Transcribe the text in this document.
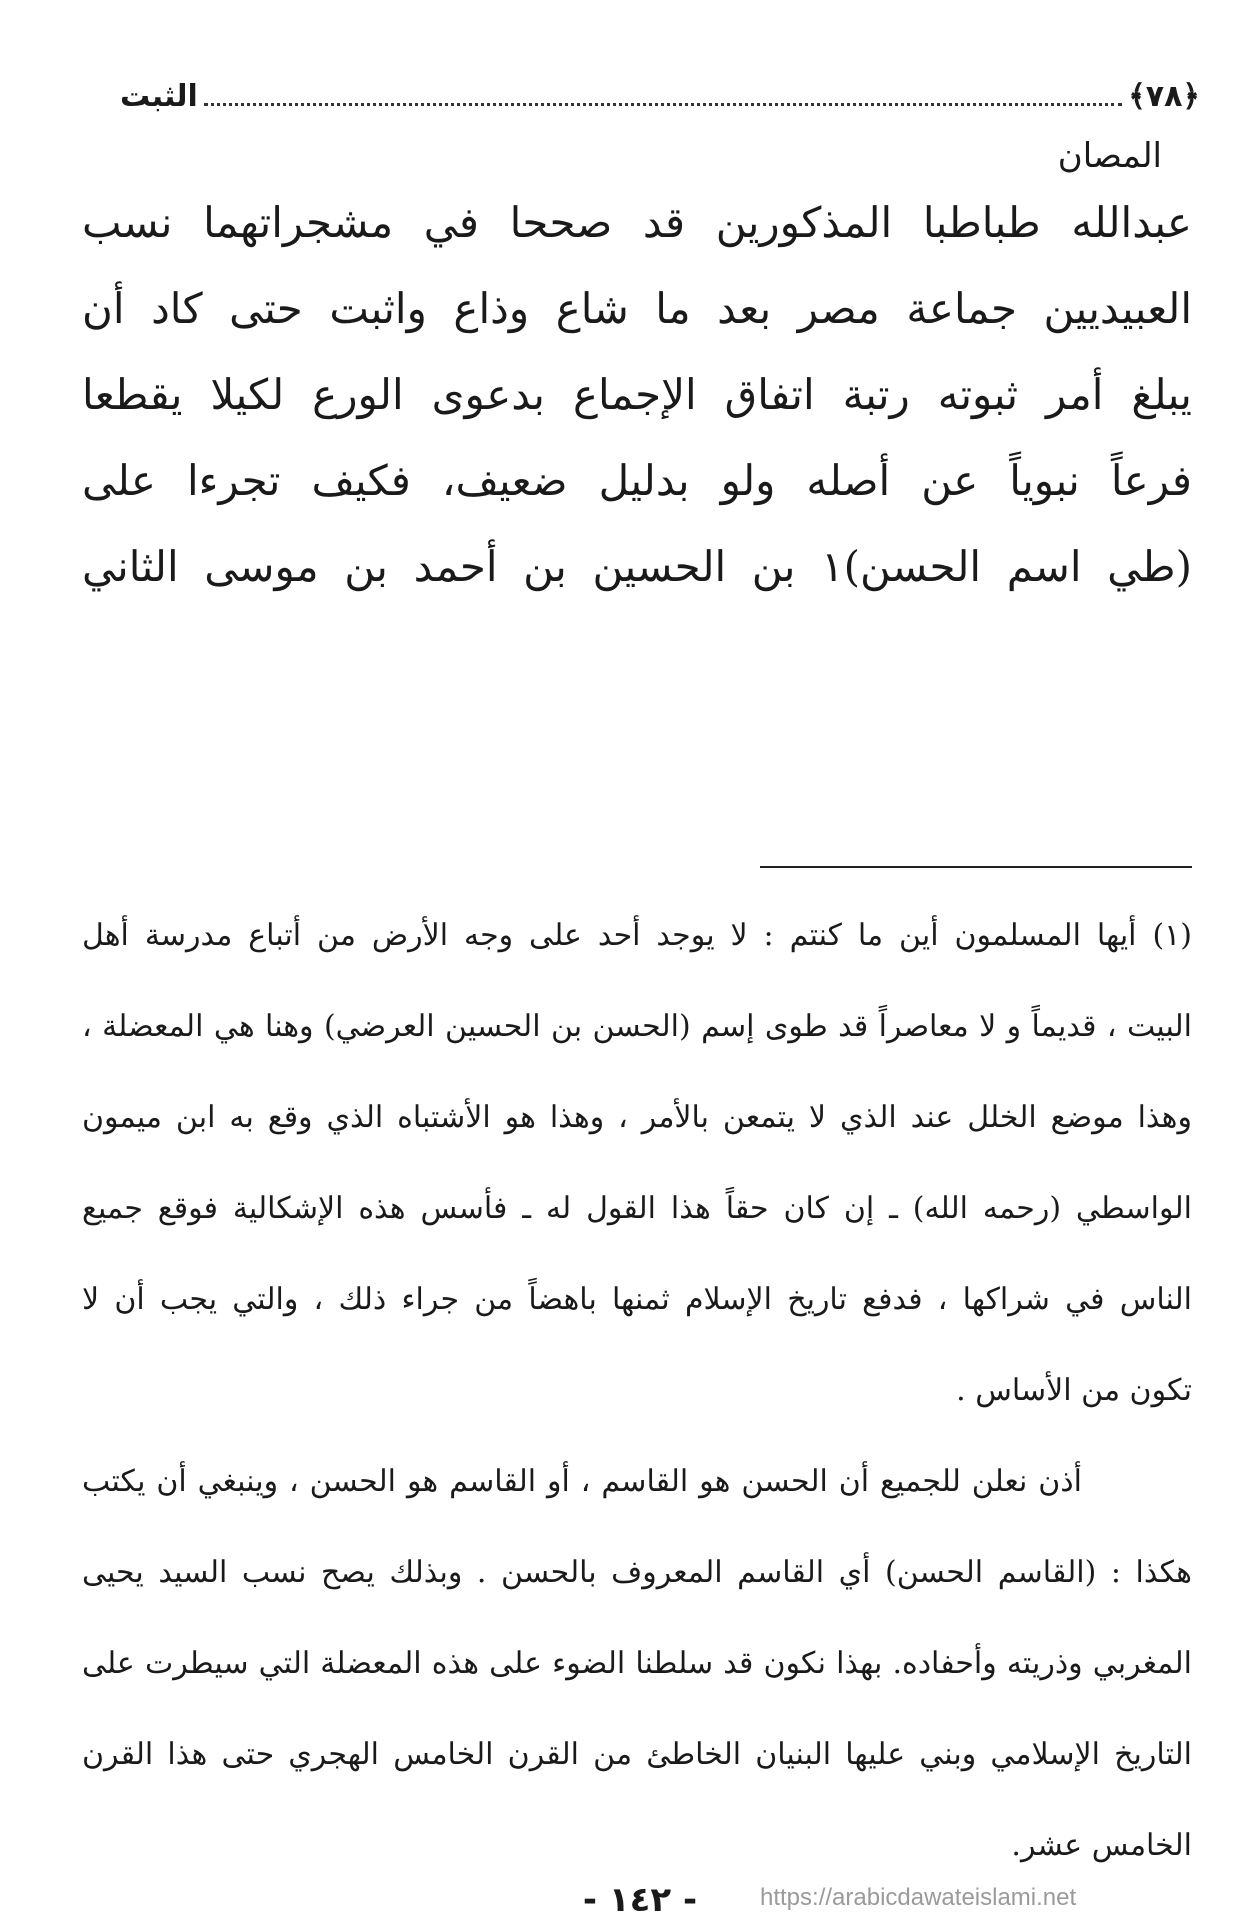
﴿٧٨﴾
الثبت
المصان
عبدالله طباطبا المذكورين قد صححا في مشجراتهما نسب
العبيديين جماعة مصر بعد ما شاع وذاع واثبت حتى كاد أن
يبلغ أمر ثبوته رتبة اتفاق الإجماع بدعوى الورع لكيلا يقطعا
فرعاً نبوياً عن أصله ولو بدليل ضعيف، فكيف تجرءا على
(طي اسم الحسن)١ بن الحسين بن أحمد بن موسى الثاني
(١) أيها المسلمون أين ما كنتم : لا يوجد أحد على وجه الأرض من أتباع مدرسة أهل
البيت ، قديماً و لا معاصراً قد طوى إسم (الحسن بن الحسين العرضي) وهنا هي المعضلة ،
وهذا موضع الخلل عند الذي لا يتمعن بالأمر ، وهذا هو الأشتباه الذي وقع به ابن ميمون
الواسطي (رحمه الله) ـ إن كان حقاً هذا القول له ـ فأسس هذه الإشكالية فوقع جميع
الناس في شراكها ، فدفع تاريخ الإسلام ثمنها باهضاً من جراء ذلك ، والتي يجب أن لا
تكون من الأساس .
أذن نعلن للجميع أن الحسن هو القاسم ، أو القاسم هو الحسن ، وينبغي أن يكتب
هكذا : (القاسم الحسن) أي القاسم المعروف بالحسن . وبذلك يصح نسب السيد يحيى
المغربي وذريته وأحفاده. بهذا نكون قد سلطنا الضوء على هذه المعضلة التي سيطرت على
التاريخ الإسلامي وبني عليها البنيان الخاطئ من القرن الخامس الهجري حتى هذا القرن
الخامس عشر.
- ١٤٢ -	https://arabicdawateislami.net
